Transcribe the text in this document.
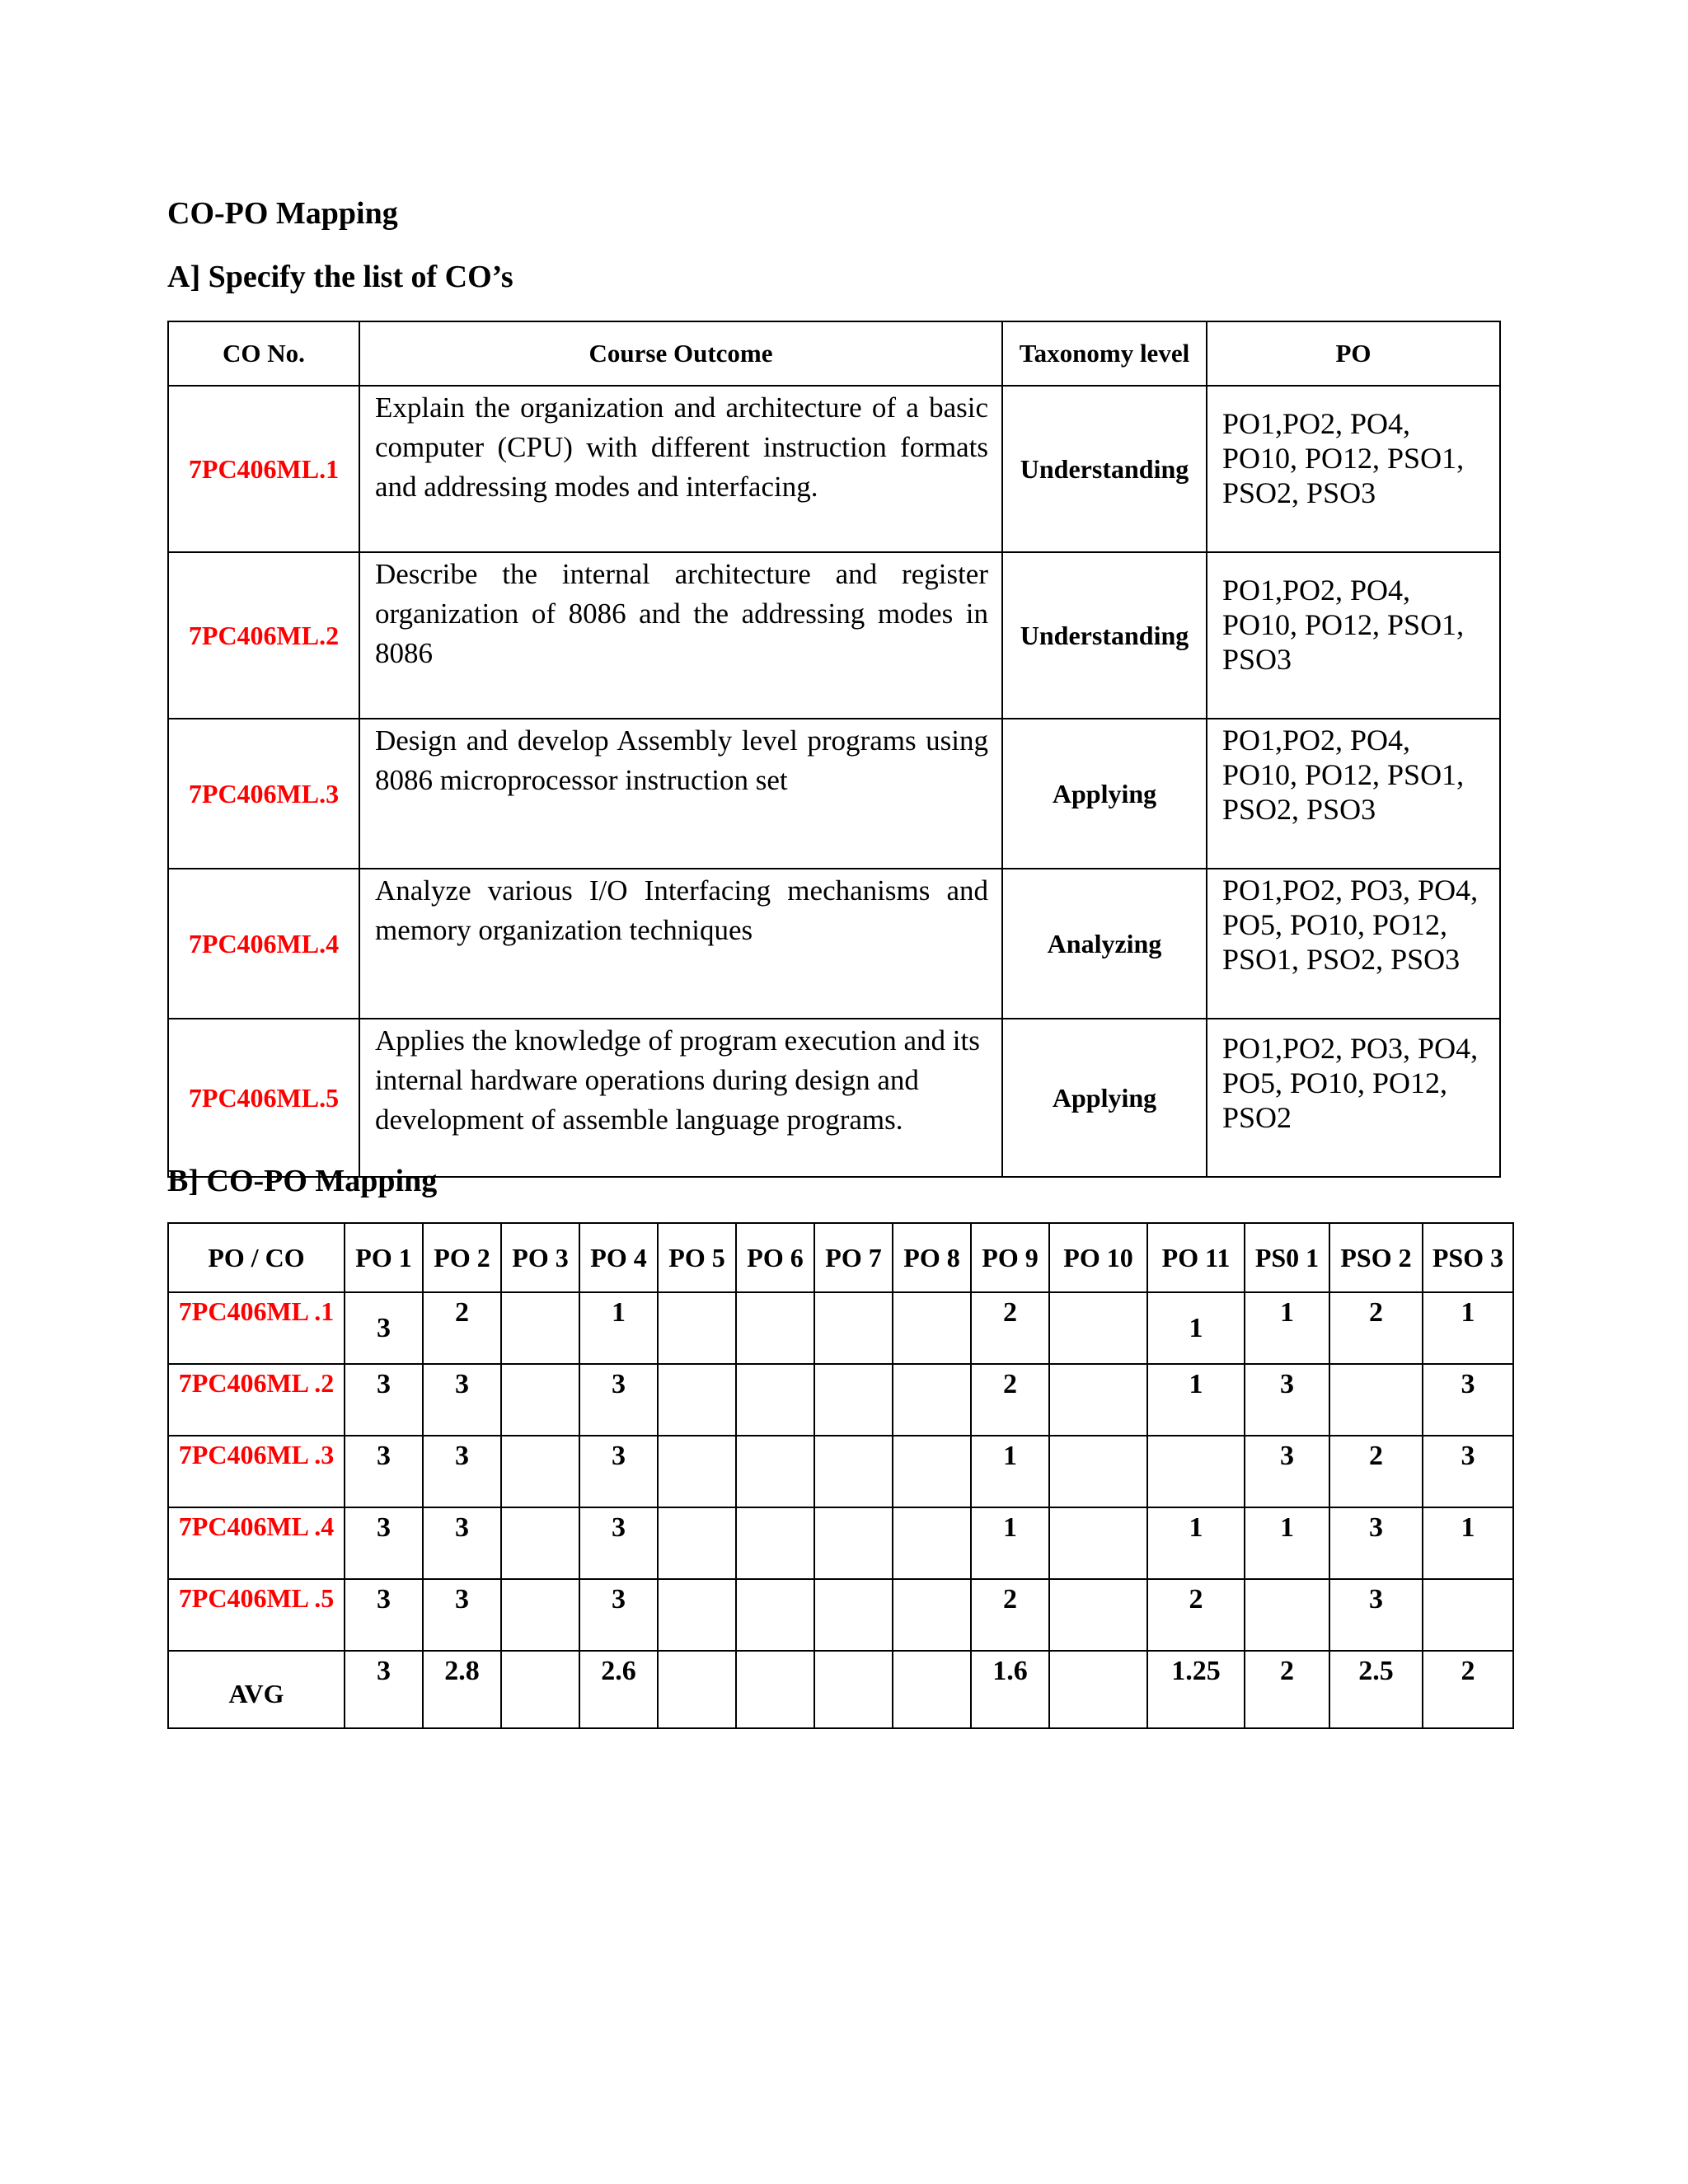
CO-PO Mapping
A] Specify the list of CO’s
CO No.	Course Outcome	Taxonomy level	PO
7PC406ML.1	Explain the organization and architecture of a basic computer (CPU) with different instruction formats and addressing modes and interfacing.	Understanding	PO1,PO2, PO4, PO10, PO12, PSO1, PSO2, PSO3
7PC406ML.2	Describe the internal architecture and register organization of 8086 and the addressing modes in 8086	Understanding	PO1,PO2, PO4, PO10, PO12, PSO1, PSO3
7PC406ML.3	Design and develop Assembly level programs using 8086 microprocessor instruction set	Applying	PO1,PO2, PO4, PO10, PO12, PSO1, PSO2, PSO3
7PC406ML.4	Analyze various I/O Interfacing mechanisms and memory organization techniques	Analyzing	PO1,PO2, PO3, PO4, PO5, PO10, PO12, PSO1, PSO2, PSO3
7PC406ML.5	Applies the knowledge of program execution and its internal hardware operations during design and development of assemble language programs.	Applying	PO1,PO2, PO3, PO4, PO5, PO10, PO12, PSO2
B] CO-PO Mapping
PO / CO	PO 1	PO 2	PO 3	PO 4	PO 5	PO 6	PO 7	PO 8	PO 9	PO 10	PO 11	PS0 1	PSO 2	PSO 3
7PC406ML .1	3	2		1					2		1	1	2	1
7PC406ML .2	3	3		3					2		1	3		3
7PC406ML .3	3	3		3					1			3	2	3
7PC406ML .4	3	3		3					1		1	1	3	1
7PC406ML .5	3	3		3					2		2		3	
AVG	3	2.8		2.6					1.6		1.25	2	2.5	2
